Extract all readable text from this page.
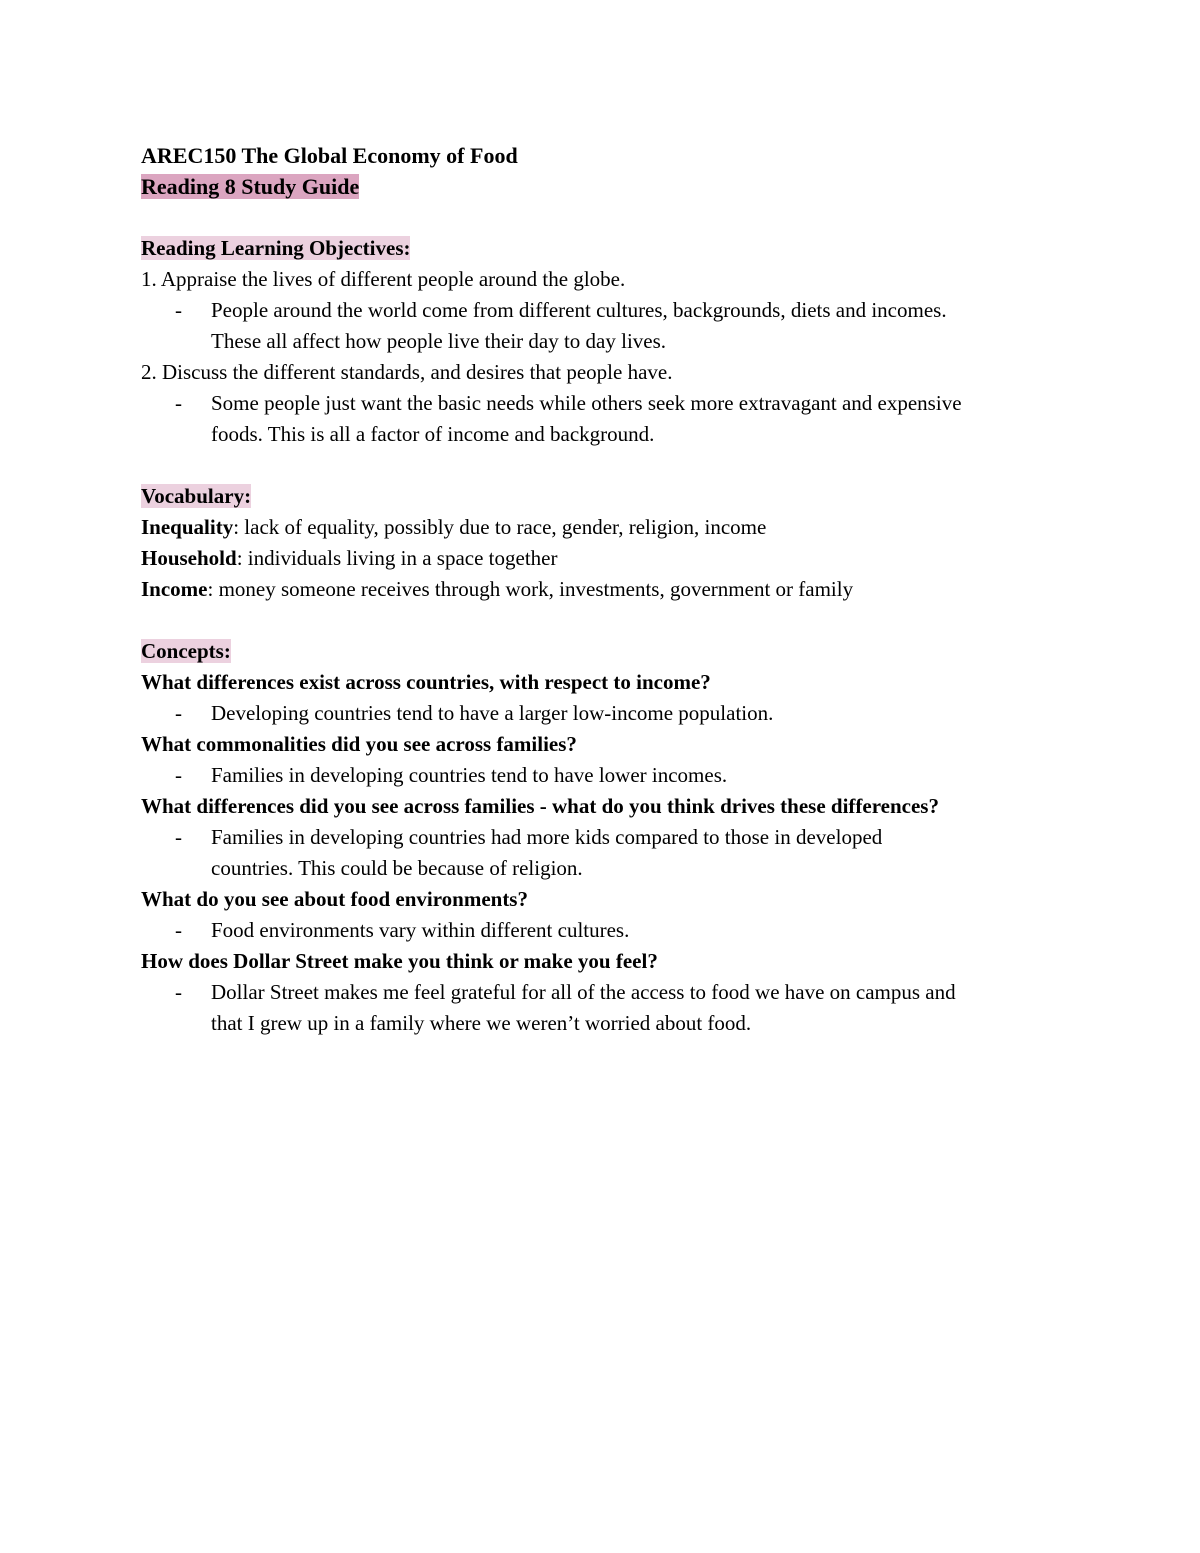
AREC150 The Global Economy of Food
Reading 8 Study Guide
Reading Learning Objectives:
1. Appraise the lives of different people around the globe.
-	People around the world come from different cultures, backgrounds, diets and incomes.
These all affect how people live their day to day lives.
2. Discuss the different standards, and desires that people have.
-	Some people just want the basic needs while others seek more extravagant and expensive
foods. This is all a factor of income and background.
Vocabulary:
Inequality: lack of equality, possibly due to race, gender, religion, income
Household: individuals living in a space together
Income: money someone receives through work, investments, government or family
Concepts:
What differences exist across countries, with respect to income?
-	Developing countries tend to have a larger low-income population.
What commonalities did you see across families?
-	Families in developing countries tend to have lower incomes.
What differences did you see across families - what do you think drives these differences?
-	Families in developing countries had more kids compared to those in developed
countries. This could be because of religion.
What do you see about food environments?
-	Food environments vary within different cultures.
How does Dollar Street make you think or make you feel?
-	Dollar Street makes me feel grateful for all of the access to food we have on campus and
that I grew up in a family where we weren’t worried about food.
